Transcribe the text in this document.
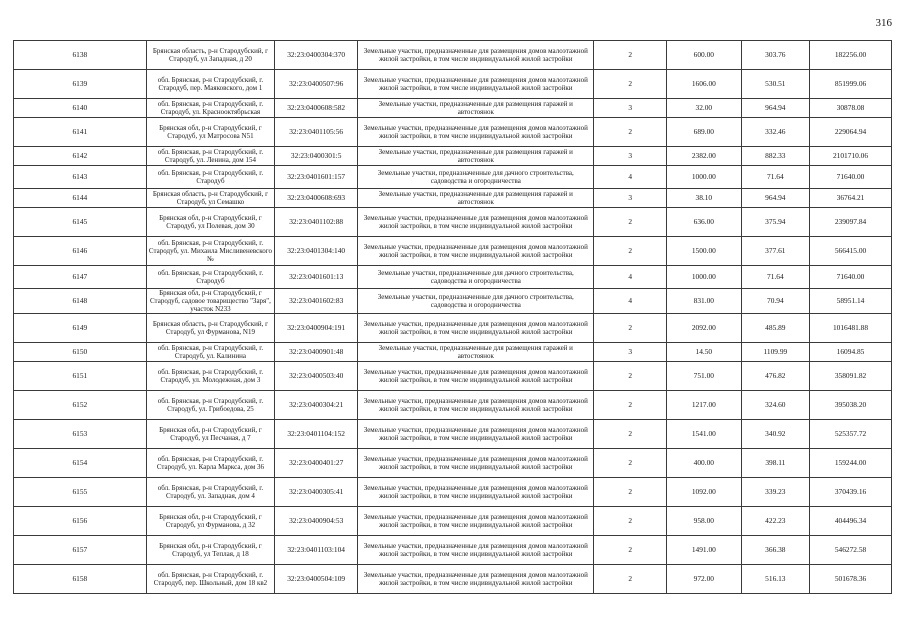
316
6138	Брянская область, р-н Стародубский, г Стародуб, ул Западная, д 20	32:23:0400304:370	Земельные участки, предназначенные для размещения домов малоэтажной жилой застройки, в том числе индивидуальной жилой застройки	2	600.00	303.76	182256.00
6139	обл. Брянская, р-н Стародубский, г. Стародуб, пер. Маяковского, дом 1	32:23:0400507:96	Земельные участки, предназначенные для размещения домов малоэтажной жилой застройки, в том числе индивидуальной жилой застройки	2	1606.00	530.51	851999.06
6140	обл. Брянская, р-н Стародубский, г. Стародуб, ул. Краснооктябрьская	32:23:0400608:582	Земельные участки, предназначенные для размещения гаражей и автостоянок	3	32.00	964.94	30878.08
6141	Брянская обл, р-н Стародубский, г Стародуб, ул Матросова N51	32:23:0401105:56	Земельные участки, предназначенные для размещения домов малоэтажной жилой застройки, в том числе индивидуальной жилой застройки	2	689.00	332.46	229064.94
6142	обл. Брянская, р-н Стародубский, г. Стародуб, ул. Ленина, дом 154	32:23:0400301:5	Земельные участки, предназначенные для размещения гаражей и автостоянок	3	2382.00	882.33	2101710.06
6143	обл. Брянская, р-н Стародубский, г. Стародуб	32:23:0401601:157	Земельные участки, предназначенные для дачного строительства, садоводства и огородничества	4	1000.00	71.64	71640.00
6144	Брянская область, р-н Стародубский, г Стародуб, ул Семашко	32:23:0400608:693	Земельные участки, предназначенные для размещения гаражей и автостоянок	3	38.10	964.94	36764.21
6145	Брянская обл, р-н Стародубский, г Стародуб, ул Полевая, дом 30	32:23:0401102:88	Земельные участки, предназначенные для размещения домов малоэтажной жилой застройки, в том числе индивидуальной жилой застройки	2	636.00	375.94	239097.84
6146	обл. Брянская, р-н Стародубский, г. Стародуб, ул. Михаила Мисливеневского №	32:23:0401304:140	Земельные участки, предназначенные для размещения домов малоэтажной жилой застройки, в том числе индивидуальной жилой застройки	2	1500.00	377.61	566415.00
6147	обл. Брянская, р-н Стародубский, г. Стародуб	32:23:0401601:13	Земельные участки, предназначенные для дачного строительства, садоводства и огородничества	4	1000.00	71.64	71640.00
6148	Брянская обл, р-н Стародубский, г Стародуб, садовое товарищество "Заря", участок N233	32:23:0401602:83	Земельные участки, предназначенные для дачного строительства, садоводства и огородничества	4	831.00	70.94	58951.14
6149	Брянская область, р-н Стародубский, г Стародуб, ул Фурманова, N19	32:23:0400904:191	Земельные участки, предназначенные для размещения домов малоэтажной жилой застройки, в том числе индивидуальной жилой застройки	2	2092.00	485.89	1016481.88
6150	обл. Брянская, р-н Стародубский, г. Стародуб, ул. Калинина	32:23:0400901:48	Земельные участки, предназначенные для размещения гаражей и автостоянок	3	14.50	1109.99	16094.85
6151	обл. Брянская, р-н Стародубский, г. Стародуб, ул. Молодежная, дом 3	32:23:0400503:40	Земельные участки, предназначенные для размещения домов малоэтажной жилой застройки, в том числе индивидуальной жилой застройки	2	751.00	476.82	358091.82
6152	обл. Брянская, р-н Стародубский, г. Стародуб, ул. Грибоедова, 25	32:23:0400304:21	Земельные участки, предназначенные для размещения домов малоэтажной жилой застройки, в том числе индивидуальной жилой застройки	2	1217.00	324.60	395038.20
6153	Брянская обл, р-н Стародубский, г Стародуб, ул Песчаная, д 7	32:23:0401104:152	Земельные участки, предназначенные для размещения домов малоэтажной жилой застройки, в том числе индивидуальной жилой застройки	2	1541.00	340.92	525357.72
6154	обл. Брянская, р-н Стародубский, г. Стародуб, ул. Карла Маркса, дом 36	32:23:0400401:27	Земельные участки, предназначенные для размещения домов малоэтажной жилой застройки, в том числе индивидуальной жилой застройки	2	400.00	398.11	159244.00
6155	обл. Брянская, р-н Стародубский, г. Стародуб, ул. Западная, дом 4	32:23:0400305:41	Земельные участки, предназначенные для размещения домов малоэтажной жилой застройки, в том числе индивидуальной жилой застройки	2	1092.00	339.23	370439.16
6156	Брянская обл, р-н Стародубский, г Стародуб, ул Фурманова, д 32	32:23:0400904:53	Земельные участки, предназначенные для размещения домов малоэтажной жилой застройки, в том числе индивидуальной жилой застройки	2	958.00	422.23	404496.34
6157	Брянская обл, р-н Стародубский, г Стародуб, ул Теплая, д 18	32:23:0401103:104	Земельные участки, предназначенные для размещения домов малоэтажной жилой застройки, в том числе индивидуальной жилой застройки	2	1491.00	366.38	546272.58
6158	обл. Брянская, р-н Стародубский, г. Стародуб, пер. Школьный, дом 18 кв2	32:23:0400504:109	Земельные участки, предназначенные для размещения домов малоэтажной жилой застройки, в том числе индивидуальной жилой застройки	2	972.00	516.13	501678.36
